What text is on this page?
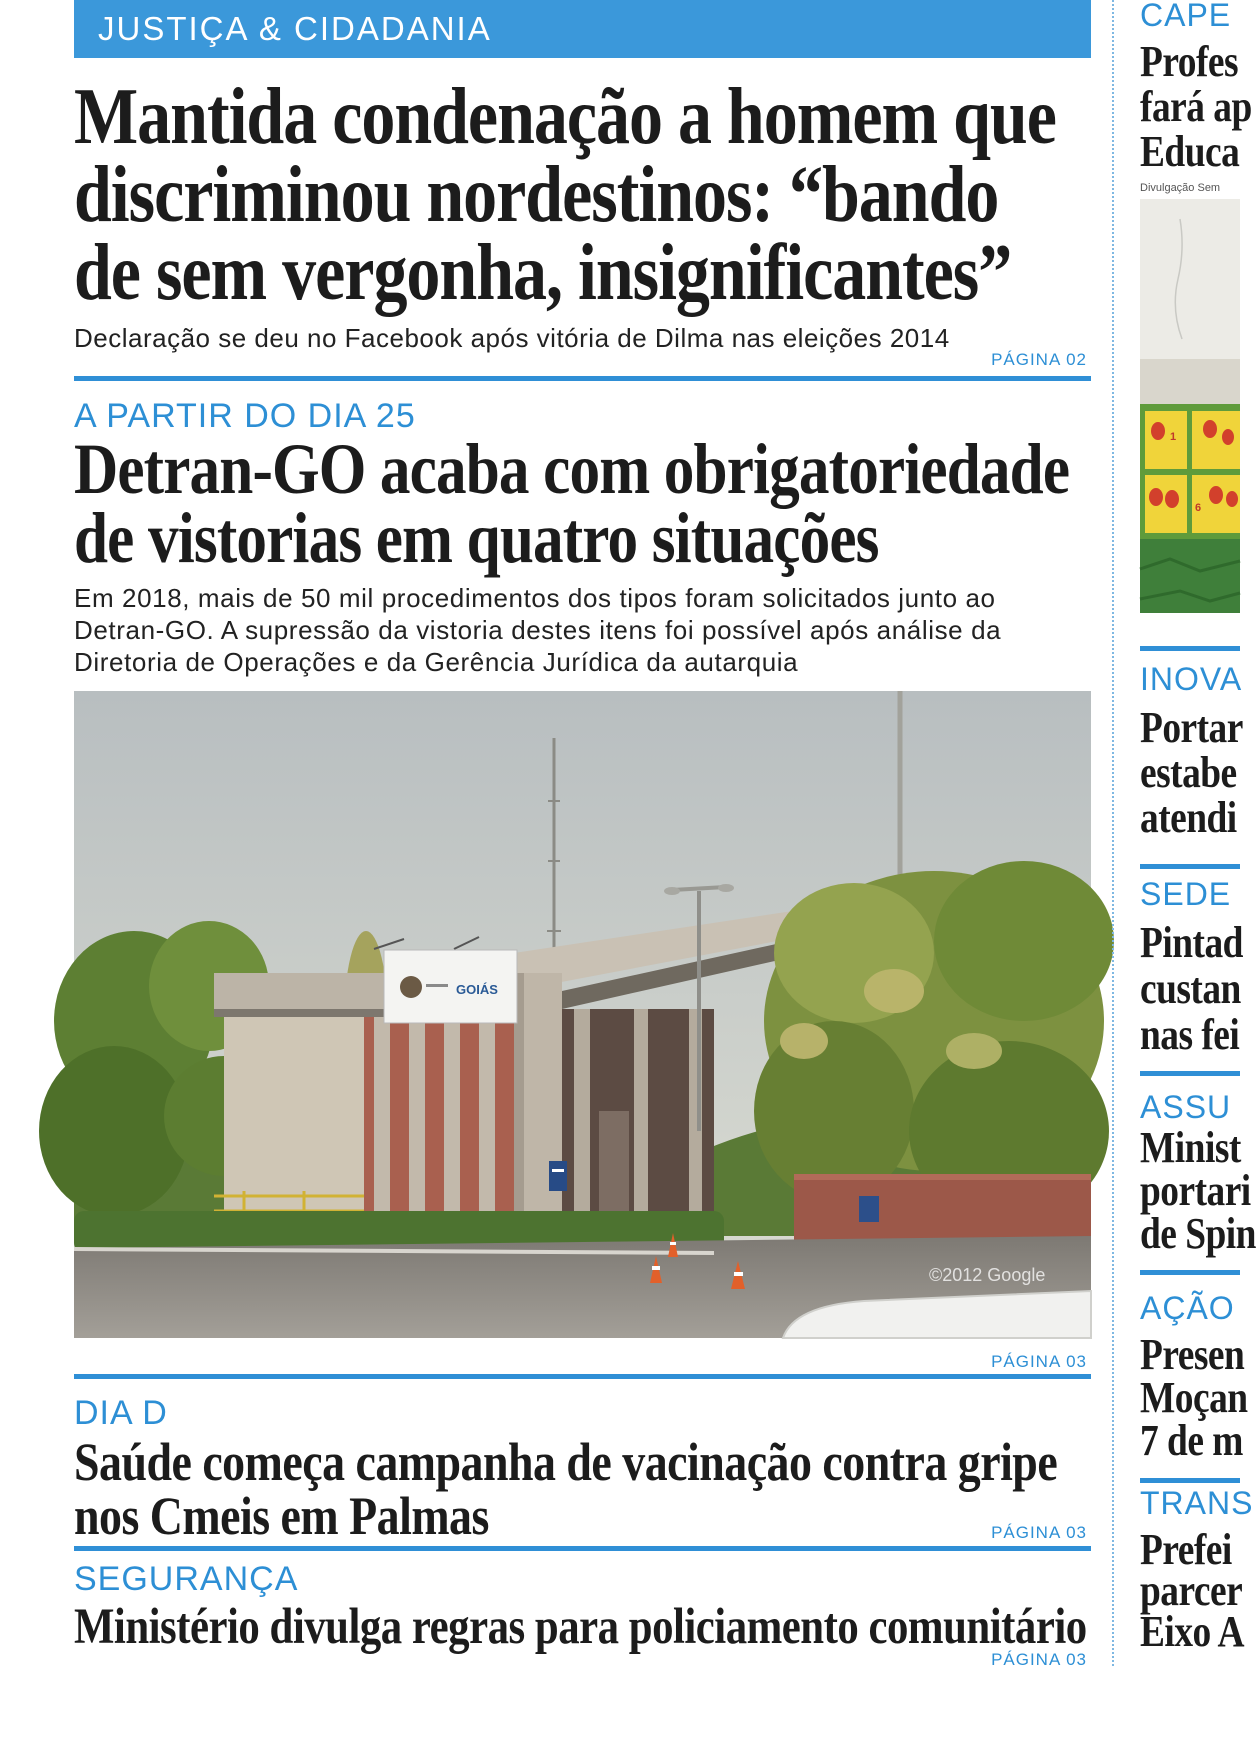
JUSTIÇA & CIDADANIA
Mantida condenação a homem que
discriminou nordestinos: “bando
de sem vergonha, insignificantes”
Declaração se deu no Facebook após vitória de Dilma nas eleições 2014
PÁGINA 02
A PARTIR DO DIA 25
Detran-GO acaba com obrigatoriedade
de vistorias em quatro situações
Em 2018, mais de 50 mil procedimentos dos tipos foram solicitados junto ao
Detran-GO. A supressão da vistoria destes itens foi possível após análise da
Diretoria de Operações e da Gerência Jurídica da autarquia
GOIÁS
©2012 Google
PÁGINA 03
DIA D
Saúde começa campanha de vacinação contra gripe
nos Cmeis em Palmas	PÁGINA 03
SEGURANÇA
Ministério divulga regras para policiamento comunitário
PÁGINA 03
CAPE
Profes
fará ap
Educa
Divulgação Sem
1
6
INOVA
Portar
estabe
atendi
SEDE
Pintad
custan
nas fei
ASSU
Minist
portari
de Spin
AÇÃO
Presen
Moçan
7 de m
TRANS
Prefei
parcer
Eixo A
